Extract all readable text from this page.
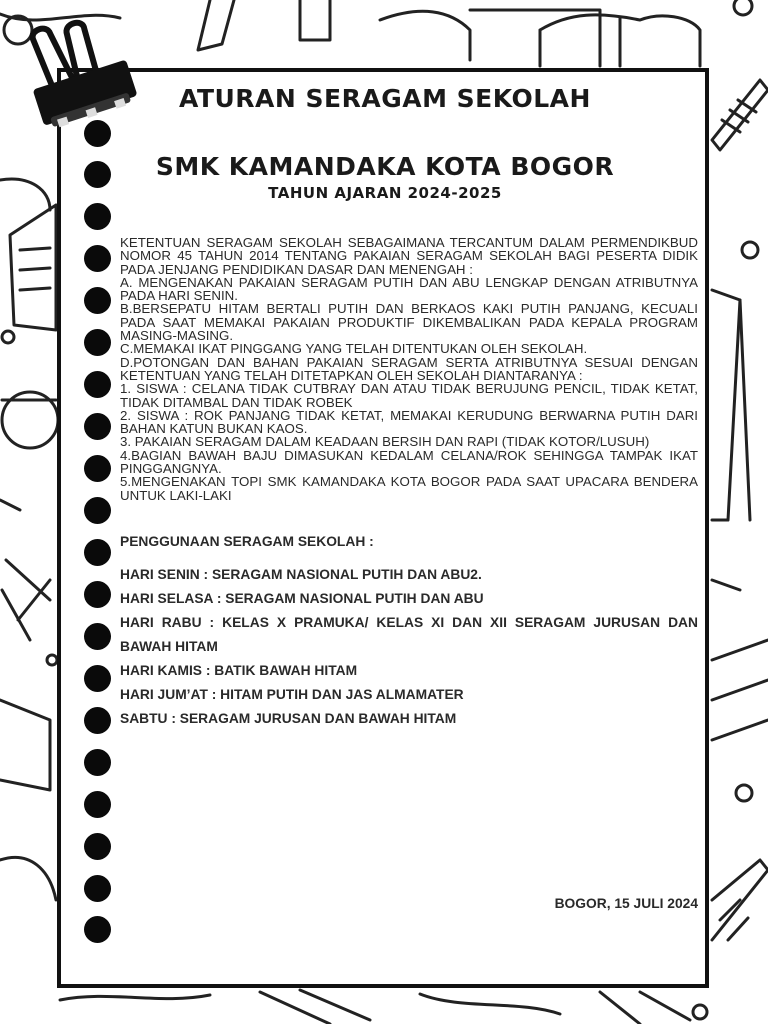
ATURAN SERAGAM SEKOLAH
SMK KAMANDAKA KOTA BOGOR
TAHUN AJARAN 2024-2025

KETENTUAN SERAGAM SEKOLAH SEBAGAIMANA TERCANTUM DALAM PERMENDIKBUD NOMOR 45 TAHUN 2014 TENTANG PAKAIAN SERAGAM SEKOLAH BAGI PESERTA DIDIK PADA JENJANG PENDIDIKAN DASAR DAN MENENGAH :

A. MENGENAKAN PAKAIAN SERAGAM PUTIH DAN ABU LENGKAP DENGAN ATRIBUTNYA PADA HARI SENIN.

B.BERSEPATU HITAM BERTALI PUTIH DAN BERKAOS KAKI PUTIH PANJANG, KECUALI PADA SAAT MEMAKAI PAKAIAN PRODUKTIF DIKEMBALIKAN PADA KEPALA PROGRAM MASING-MASING.

C.MEMAKAI IKAT PINGGANG YANG TELAH DITENTUKAN OLEH SEKOLAH.

D.POTONGAN DAN BAHAN PAKAIAN SERAGAM SERTA ATRIBUTNYA SESUAI DENGAN KETENTUAN YANG TELAH DITETAPKAN OLEH SEKOLAH DIANTARANYA :

1. SISWA : CELANA TIDAK CUTBRAY DAN ATAU TIDAK BERUJUNG PENCIL, TIDAK KETAT, TIDAK DITAMBAL DAN TIDAK ROBEK

2. SISWA : ROK PANJANG TIDAK KETAT, MEMAKAI KERUDUNG BERWARNA PUTIH DARI BAHAN KATUN BUKAN KAOS.

3. PAKAIAN SERAGAM DALAM KEADAAN BERSIH DAN RAPI (TIDAK KOTOR/LUSUH)

4.BAGIAN BAWAH BAJU DIMASUKAN KEDALAM CELANA/ROK SEHINGGA TAMPAK IKAT PINGGANGNYA.

5.MENGENAKAN TOPI SMK KAMANDAKA KOTA BOGOR PADA SAAT UPACARA BENDERA UNTUK LAKI-LAKI

PENGGUNAAN SERAGAM SEKOLAH :

HARI SENIN : SERAGAM NASIONAL PUTIH DAN ABU2.

HARI SELASA : SERAGAM NASIONAL PUTIH DAN ABU

HARI RABU : KELAS X PRAMUKA/ KELAS XI DAN XII SERAGAM JURUSAN DAN BAWAH HITAM

HARI KAMIS : BATIK BAWAH HITAM

HARI JUM’AT : HITAM PUTIH DAN JAS ALMAMATER

SABTU : SERAGAM JURUSAN DAN BAWAH HITAM

BOGOR, 15 JULI 2024
